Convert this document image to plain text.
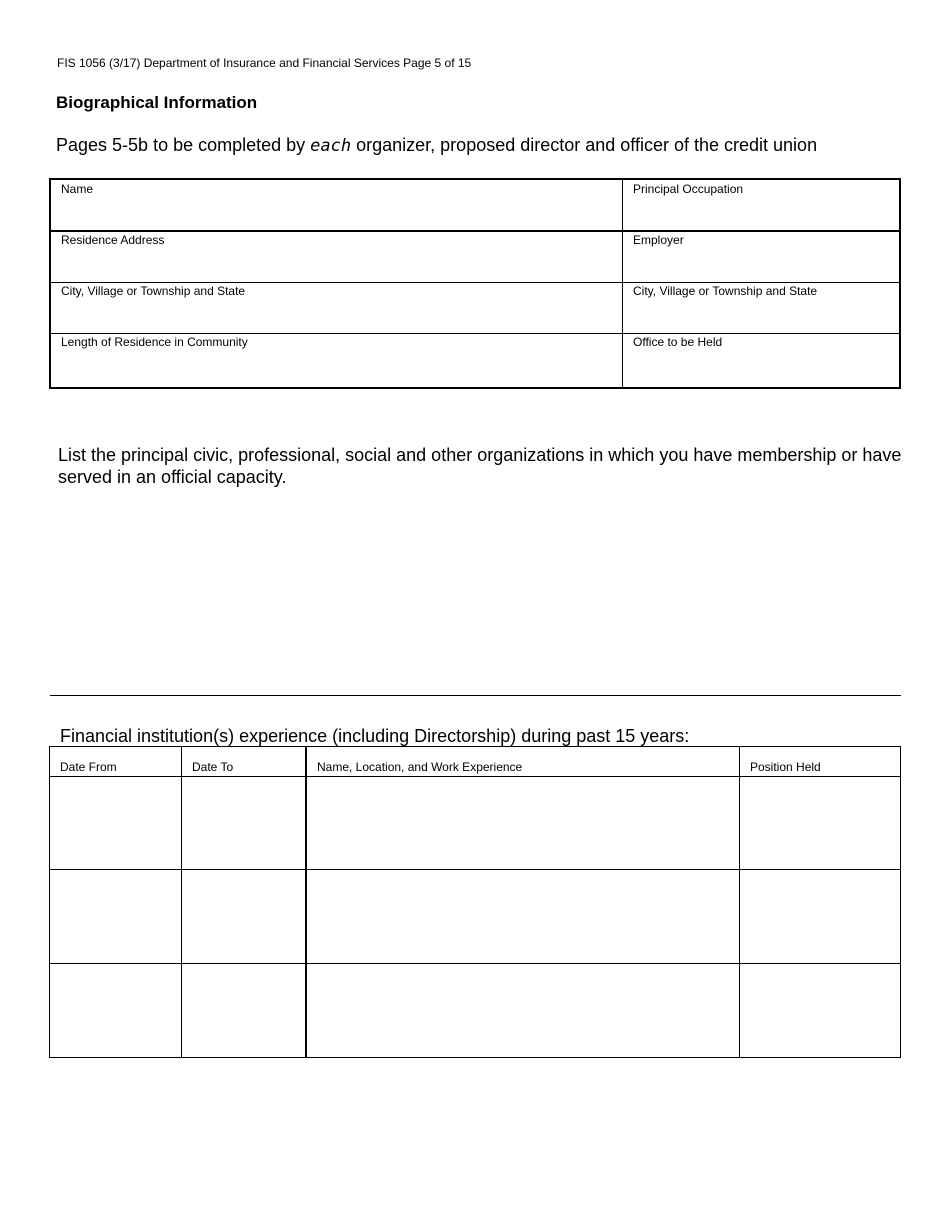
FIS 1056 (3/17) Department of Insurance and Financial Services Page 5 of 15
Biographical Information
Pages 5-5b to be completed by each organizer, proposed director and officer of the credit union
Name	Principal Occupation
Residence Address	Employer
City, Village or Township and State	City, Village or Township and State
Length of Residence in Community	Office to be Held
List the principal civic, professional, social and other organizations in which you have membership or have served in an official capacity.
Financial institution(s) experience (including Directorship) during past 15 years:
Date From	Date To	Name, Location, and Work Experience	Position Held
